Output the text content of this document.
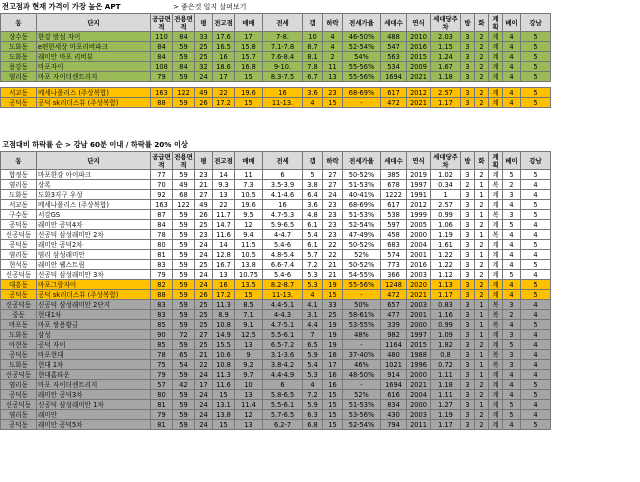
전고점과 현재 가격이 가장 높은 APT	> 좋은것 일지 살펴보기
동	단지	공급면적	전용면적	평	전고점	매매	전세	갭	하락	전세가율	세대수	연식	세대당주차	방	화	계획	베이	강남
상수동	한강 밤섬 자이	110	84	33	17.6	17	7-8.	10	4	46-50%	488	2010	2.03	3	2	계	4	5
도화동	e편한세상 마포리버파크	84	59	25	16.5	15.8	7.1-7.8	8.7	4	52-54%	547	2016	1.15	3	2	계	4	5
도화동	래미안 마포 리버뷰	84	59	25	16	15.7	7.6-8.4	8.1	2	54%	563	2015	1.24	3	2	계	4	5
용강동	마포자이	108	84	32	18.6	16.8	9-10.	7.8	11	55-56%	534	2009	1.67	3	2	계	4	5
염리동	마포 자이더센트리지	79	59	24	17	15	8.3-7.5	6.7	13	55-56%	1694	2021	1.18	3	2	계	4	5

서교동	메세나폴리스 (주상복합)	163	122	49	22	19.6	16	3.6	23	68-69%	617	2012	2.57	3	2	계	4	5
공덕동	공덕 sk리더스뷰 (주상복합)	88	59	26	17.2	15	11-13.	4	15	-	472	2021	1.17	3	2	계	4	5
고점대비 하락률 순 > 강남 60분 이내 / 하락률 20% 이상
동	단지	공급면적	전용면적	평	전고점	매매	전세	갭	하락	전세가율	세대수	연식	세대당주차	방	화	계획	베이	강남
합정동	마포한강 아이파크	77	59	23	14	11	6	5	27	50-52%	385	2019	1.02	3	2	계	5	5
염리동	상록	70	49	21	9.3	7.3	3.5-3.9	3.8	27	51-53%	678	1997	0.34	2	1	복	2	4
도화동	도화3지구 우성	92	68	27	13	10.5	4.1-4.6	6.4	24	40-41%	1222	1991	1	3	1	계	3	4
서교동	메세나폴리스 (주상복합)	163	122	49	22	19.6	16	3.6	23	68-69%	617	2012	2.57	3	2	계	4	5
구수동	서강GS	87	59	26	11.7	9.5	4.7-5.3	4.8	23	51-53%	538	1999	0.99	3	1	복	3	5
공덕동	래미안 공덕4차	84	59	25	14.7	12	5.9-6.5	6.1	23	52-54%	597	2005	1.06	3	2	계	5	4
신공덕동	신공덕 삼성래미안 2차	78	59	23	11.6	9.4	4-4.7	5.4	23	47-49%	458	2000	1.19	3	1	복	4	4
공덕동	래미안 공덕2차	80	59	24	14	11.5	5.4-6	6.1	22	50-52%	683	2004	1.61	3	2	계	4	5
염리동	염리 삼성래미안	81	59	24	12.8	10.5	4.8-5.4	5.7	22	52%	574	2001	1.22	3	1	계	4	4
현석동	래미안 웰스트림	83	59	25	16.7	13.8	6.6-7.4	7.2	21	50-52%	773	2016	1.22	3	2	계	4	5
신공덕동	신공덕 삼성래미안 3차	79	59	24	13	10.75	5.4-6	5.3	21	54-55%	366	2003	1.12	3	2	계	5	4
대흥동	마포그랑자이	82	59	24	16	13.5	8.2-8.7	5.3	19	55-56%	1248	2020	1.13	3	2	계	4	5
공덕동	공덕 sk리더스뷰 (주상복합)	88	59	26	17.2	15	11-13.	4	15	-	472	2021	1.17	3	2	계	4	5
신공덕동	신공덕 삼성래미안 2단지	83	59	25	11.3	8.5	4.4-5.1	4.1	33	50%	657	2003	0.83	3	1	복	3	4
중동	현대1차	83	59	25	8.9	7.1	4-4.3	3.1	25	58-61%	477	2001	1.16	3	1	복	2	4
마포동	마포 쌍용황금	85	59	25	10.8	9.1	4.7-5.1	4.4	19	53-55%	339	2000	0.99	3	1	복	4	5
도화동	삼성	90	72	27	14.9	12.5	5.5-6.1	7	19	48%	982	1997	1.09	3	1	계	3	4
아현동	공덕 자이	85	59	25	15.5	13	6.5-7.2	6.5	19	-	1164	2015	1.82	3	2	계	5	4
공덕동	마포현대	78	65	21	10.6	9	3.1-3.6	5.9	18	37-40%	480	1988	0.8	3	1	복	3	4
도화동	현대 1차	75	54	22	10.8	9.2	3.8-4.2	5.4	17	46%	1021	1996	0.72	3	1	복	3	4
신공덕동	현대홈타운	79	59	24	11.3	9.7	4.4-4.9	5.3	16	48-50%	914	2000	1.11	3	1	계	4	4
염리동	마포 자이더센트리지	57	42	17	11.6	10	6	4	16	-	1694	2021	1.18	3	2	계	4	5
공덕동	래미안 공덕3차	80	59	24	15	13	5.8-6.5	7.2	15	52%	616	2004	1.11	3	2	계	4	5
신공덕동	신공덕 삼성래미안 1차	81	59	24	13.1	11.4	5.5-6.1	5.9	15	51-53%	834	2000	1.27	3	1	계	5	4
염리동	래미안	79	59	24	13.8	12	5.7-6.5	6.3	15	53-56%	430	2003	1.19	3	2	계	5	4
공덕동	래미안 공덕5차	81	59	24	15	13	6.2-7	6.8	15	52-54%	794	2011	1.17	3	2	계	4	5
